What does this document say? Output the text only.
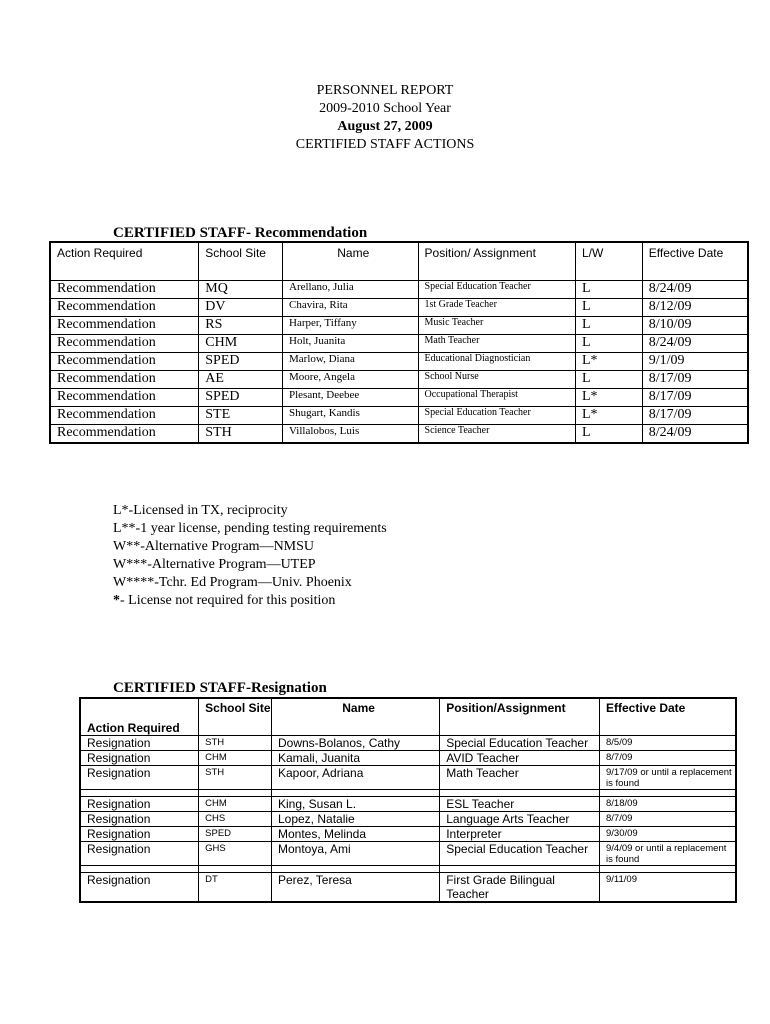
PERSONNEL REPORT
2009-2010 School Year
August 27, 2009
CERTIFIED STAFF ACTIONS
CERTIFIED STAFF- Recommendation
Action Required	School Site	Name	Position/ Assignment	L/W	Effective Date
Recommendation	MQ	Arellano, Julia	Special Education Teacher	L	8/24/09
Recommendation	DV	Chavira, Rita	1st Grade Teacher	L	8/12/09
Recommendation	RS	Harper, Tiffany	Music Teacher	L	8/10/09
Recommendation	CHM	Holt, Juanita	Math Teacher	L	8/24/09
Recommendation	SPED	Marlow, Diana	Educational Diagnostician	L*	9/1/09
Recommendation	AE	Moore, Angela	School Nurse	L	8/17/09
Recommendation	SPED	Plesant, Deebee	Occupational Therapist	L*	8/17/09
Recommendation	STE	Shugart, Kandis	Special Education Teacher	L*	8/17/09
Recommendation	STH	Villalobos, Luis	Science Teacher	L	8/24/09
L*-Licensed in TX, reciprocity
L**-1 year license, pending testing requirements
W**-Alternative Program—NMSU
W***-Alternative Program—UTEP
W****-Tchr. Ed Program—Univ. Phoenix
*- License not required for this position
CERTIFIED STAFF-Resignation
Action Required	School Site	Name	Position/Assignment	Effective Date
Resignation	STH	Downs-Bolanos, Cathy	Special Education Teacher	8/5/09
Resignation	CHM	Kamali, Juanita	AVID Teacher	8/7/09
Resignation	STH	Kapoor, Adriana	Math Teacher	9/17/09 or until a replacement is found

Resignation	CHM	King, Susan L.	ESL Teacher	8/18/09
Resignation	CHS	Lopez, Natalie	Language Arts Teacher	8/7/09
Resignation	SPED	Montes, Melinda	Interpreter	9/30/09
Resignation	GHS	Montoya, Ami	Special Education Teacher	9/4/09 or until a replacement is found

Resignation	DT	Perez, Teresa	First Grade Bilingual Teacher	9/11/09
